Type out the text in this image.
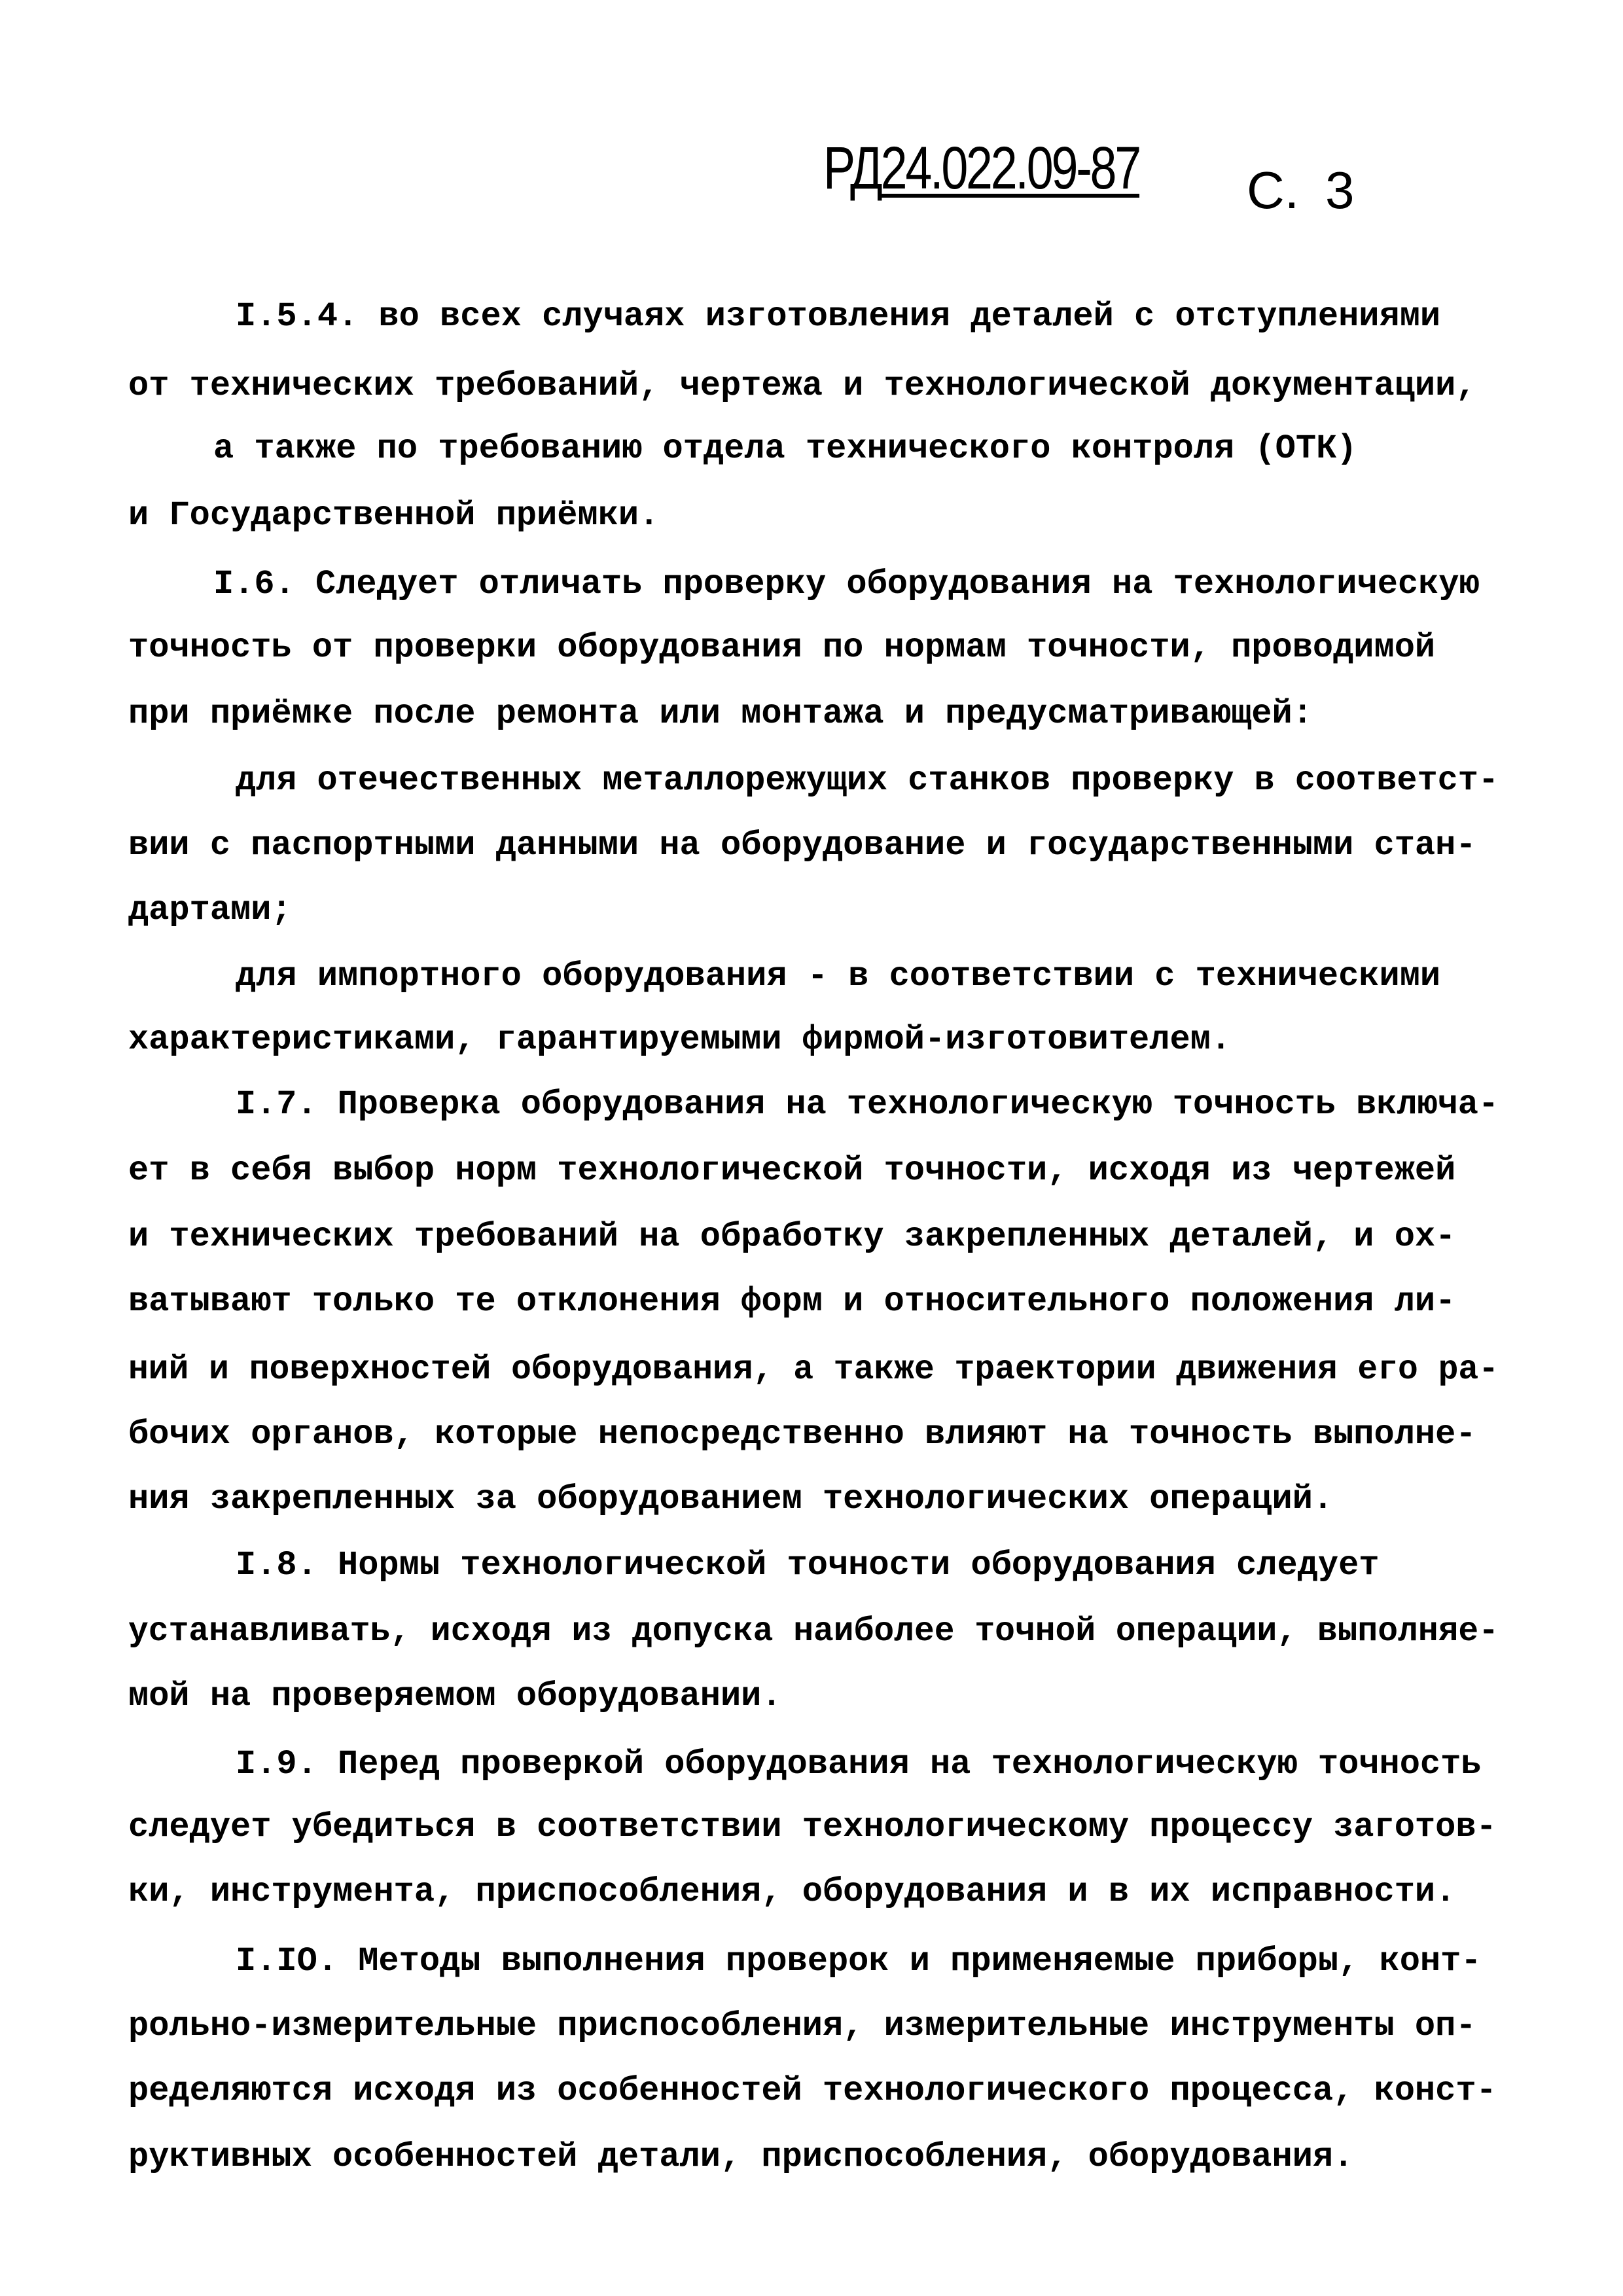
РД24.022.09-87 С. 3
I.5.4. во всех случаях изготовления деталей с отступлениями
от технических требований, чертежа и технологической документации,
а также по требованию отдела технического контроля (ОТК)
и Государственной приёмки.
I.6. Следует отличать проверку оборудования на технологическую
точность от проверки оборудования по нормам точности, проводимой
при приёмке после ремонта или монтажа и предусматривающей:
для отечественных металлорежущих станков проверку в соответст-
вии с паспортными данными на оборудование и государственными стан-
дартами;
для импортного оборудования - в соответствии с техническими
характеристиками, гарантируемыми фирмой-изготовителем.
I.7. Проверка оборудования на технологическую точность включа-
ет в себя выбор норм технологической точности, исходя из чертежей
и технических требований на обработку закрепленных деталей, и ох-
ватывают только те отклонения форм и относительного положения ли-
ний и поверхностей оборудования, а также траектории движения его ра-
бочих органов, которые непосредственно влияют на точность выполне-
ния закрепленных за оборудованием технологических операций.
I.8. Нормы технологической точности оборудования следует
устанавливать, исходя из допуска наиболее точной операции, выполняе-
мой на проверяемом оборудовании.
I.9. Перед проверкой оборудования на технологическую точность
следует убедиться в соответствии технологическому процессу заготов-
ки, инструмента, приспособления, оборудования и в их исправности.
I.IO. Методы выполнения проверок и применяемые приборы, конт-
рольно-измерительные приспособления, измерительные инструменты оп-
ределяются исходя из особенностей технологического процесса, конст-
руктивных особенностей детали, приспособления, оборудования.
